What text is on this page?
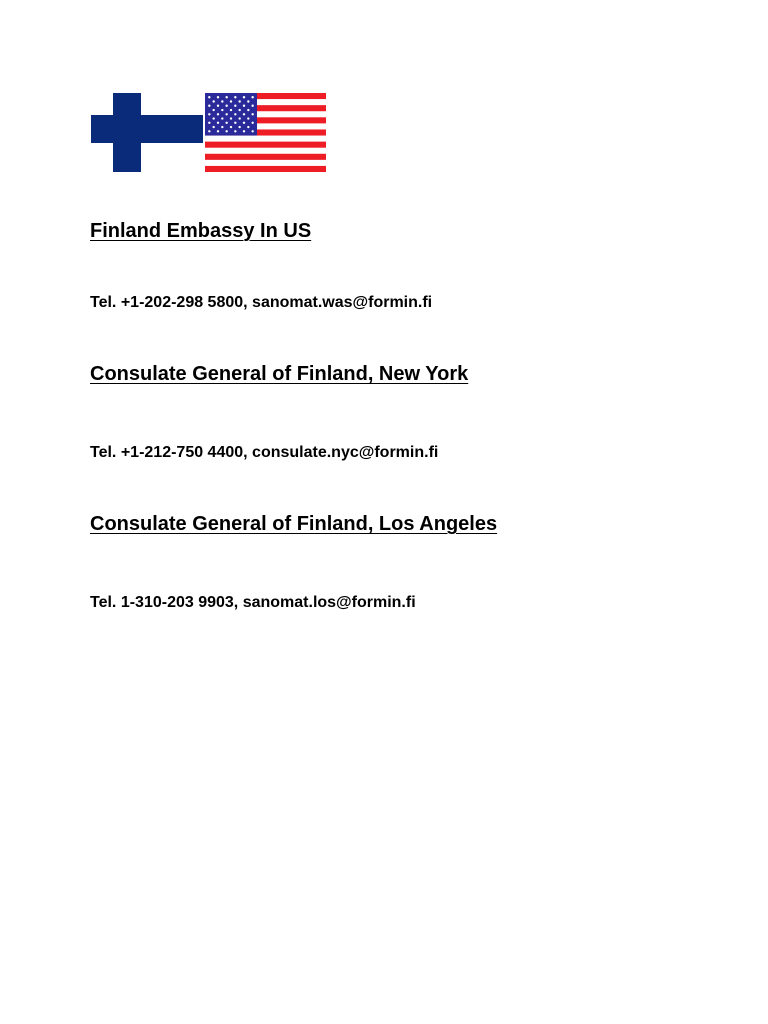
Finland Embassy In US

Tel. +1-202-298 5800, sanomat.was@formin.fi

Consulate General of Finland, New York

Tel. +1-212-750 4400, consulate.nyc@formin.fi

Consulate General of Finland, Los Angeles

Tel. 1-310-203 9903, sanomat.los@formin.fi
